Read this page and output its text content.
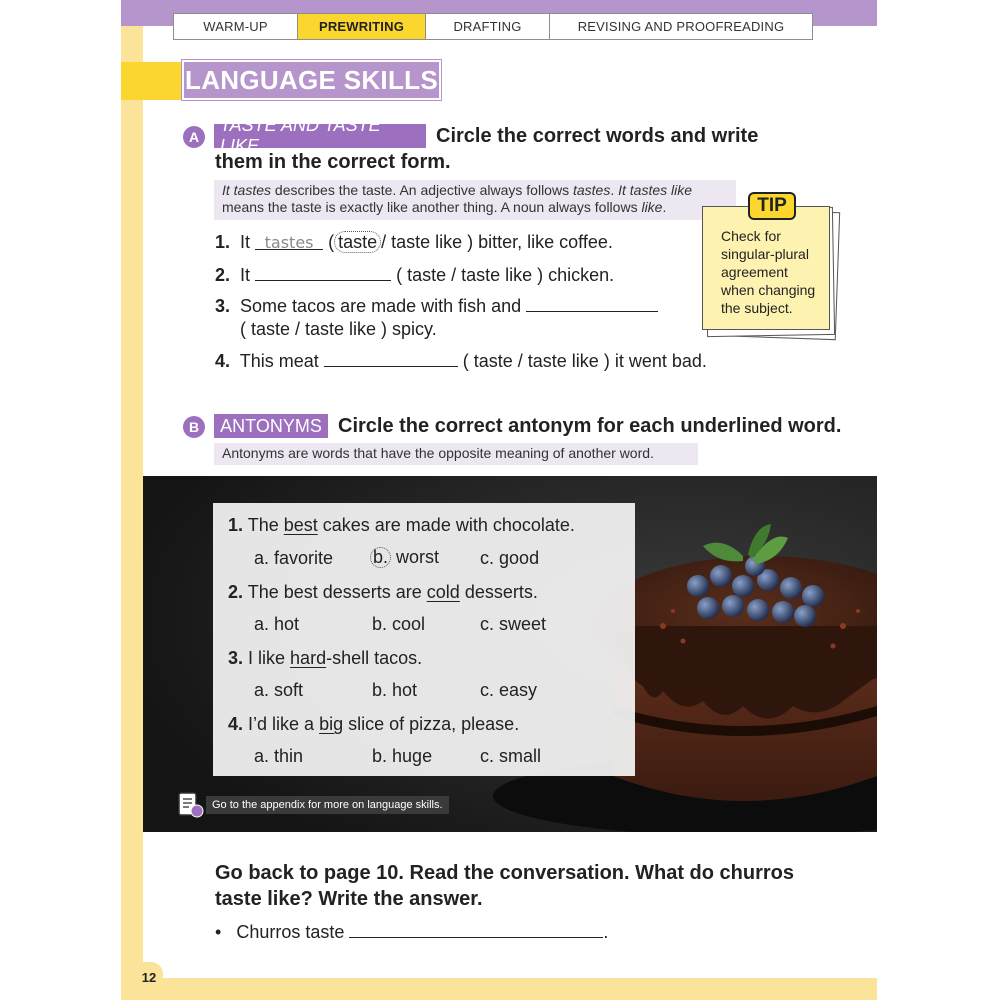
WARM-UP	PREWRITING	DRAFTING	REVISING AND PROOFREADING
LANGUAGE SKILLS
A
TASTE AND TASTE LIKE	Circle the correct words and write
them in the correct form.
It tastes describes the taste. An adjective always follows tastes. It tastes like
means the taste is exactly like another thing. A noun always follows like.
1. It tastes ( taste / taste like ) bitter, like coffee.
2. It	( taste / taste like ) chicken.
3. Some tacos are made with fish and
( taste / taste like ) spicy.
4. This meat	( taste / taste like ) it went bad.
Check for
singular-plural
agreement
when changing
the subject.
TIP
B	ANTONYMS Circle the correct antonym for each underlined word.
Antonyms are words that have the opposite meaning of another word.
1. The best cakes are made with chocolate.
a. favorite b. worst c. good
2. The best desserts are cold desserts.
a. hot	b. cool	c. sweet
3. I like hard-shell tacos.
a. soft	b. hot	c. easy
4. I’d like a big slice of pizza, please.
a. thin	b. huge	c. small
Go to the appendix for more on language skills.
Go back to page 10. Read the conversation. What do churros
taste like? Write the answer.
• Churros taste	.
12
